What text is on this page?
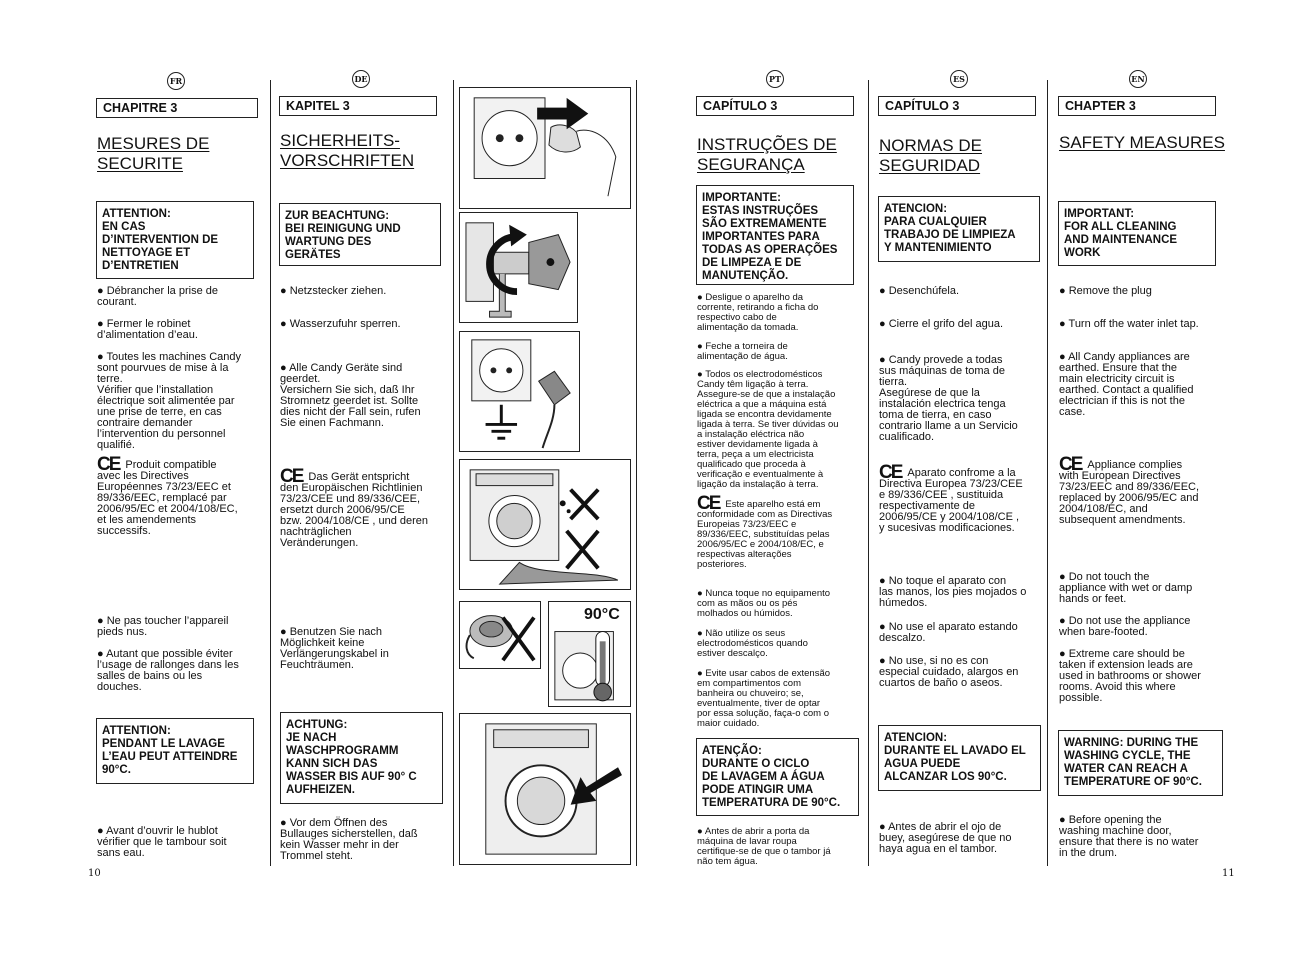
FR	DE	PT	ES	EN
CHAPITRE 3
MESURES DE
SECURITE
ATTENTION:
EN CAS
D’INTERVENTION DE
NETTOYAGE ET
D’ENTRETIEN
● Débrancher la prise de
courant.
● Fermer le robinet
d’alimentation d’eau.
● Toutes les machines Candy
sont pourvues de mise à la
terre.
Vérifier que l’installation
électrique soit alimentée par
une prise de terre, en cas
contraire demander
l’intervention du personnel
qualifié.
CE Produit compatible
avec les Directives
Européennes 73/23/EEC et
89/336/EEC, remplacé par
2006/95/EC et 2004/108/EC,
et les amendements
successifs.
● Ne pas toucher l’appareil
pieds nus.
● Autant que possible éviter
l’usage de rallonges dans les
salles de bains ou les
douches.
ATTENTION:
PENDANT LE LAVAGE
L’EAU PEUT ATTEINDRE
90°C.
● Avant d’ouvrir le hublot
vérifier que le tambour soit
sans eau.
KAPITEL 3
SICHERHEITS-
VORSCHRIFTEN
ZUR BEACHTUNG:
BEI REINIGUNG UND
WARTUNG DES
GERÄTES
● Netzstecker ziehen.
● Wasserzufuhr sperren.
● Alle Candy Geräte sind
geerdet.
Versichern Sie sich, daß Ihr
Stromnetz geerdet ist. Sollte
dies nicht der Fall sein, rufen
Sie einen Fachmann.
CE Das Gerät entspricht
den Europäischen Richtlinien
73/23/CEE und 89/336/CEE,
ersetzt durch 2006/95/CE
bzw. 2004/108/CE , und deren
nachträglichen
Veränderungen.
● Benutzen Sie nach
Möglichkeit keine
Verlängerungskabel in
Feuchträumen.
ACHTUNG:
JE NACH
WASCHPROGRAMM
KANN SICH DAS
WASSER BIS AUF 90° C
AUFHEIZEN.
● Vor dem Öffnen des
Bullauges sicherstellen, daß
kein Wasser mehr in der
Trommel steht.
90°C
CAPÍTULO 3
INSTRUÇÕES DE
SEGURANÇA
IMPORTANTE:
ESTAS INSTRUÇÕES
SÃO EXTREMAMENTE
IMPORTANTES PARA
TODAS AS OPERAÇÕES
DE LIMPEZA E DE
MANUTENÇÃO.
● Desligue o aparelho da
corrente, retirando a ficha do
respectivo cabo de
alimentação da tomada.
● Feche a torneira de
alimentação de água.
● Todos os electrodomésticos
Candy têm ligação à terra.
Assegure-se de que a instalação
eléctrica a que a máquina está
ligada se encontra devidamente
ligada à terra. Se tiver dúvidas ou
a instalação eléctrica não
estiver devidamente ligada à
terra, peça a um electricista
qualificado que proceda à
verificação e eventualmente à
ligação da instalação à terra.
CE Este aparelho está em
conformidade com as Directivas
Europeias 73/23/EEC e
89/336/EEC, substituídas pelas
2006/95/EC e 2004/108/EC, e
respectivas alterações
posteriores.
● Nunca toque no equipamento
com as mãos ou os pés
molhados ou húmidos.
● Não utilize os seus
electrodomésticos quando
estiver descalço.
● Evite usar cabos de extensão
em compartimentos com
banheira ou chuveiro; se,
eventualmente, tiver de optar
por essa solução, faça-o com o
maior cuidado.
ATENÇÃO:
DURANTE O CICLO
DE LAVAGEM A ÁGUA
PODE ATINGIR UMA
TEMPERATURA DE 90°C.
● Antes de abrir a porta da
máquina de lavar roupa
certifique-se de que o tambor já
não tem água.
CAPÍTULO 3
NORMAS DE
SEGURIDAD
ATENCION:
PARA CUALQUIER
TRABAJO DE LIMPIEZA
Y MANTENIMIENTO
● Desenchúfela.
● Cierre el grifo del agua.
● Candy provede a todas
sus máquinas de toma de
tierra.
Asegúrese de que la
instalación electrica tenga
toma de tierra, en caso
contrario llame a un Servicio
cualificado.
CE Aparato confrome a la
Directiva Europea 73/23/CEE
e 89/336/CEE , sustituida
respectivamente de
2006/95/CE y 2004/108/CE ,
y sucesivas modificaciones.
● No toque el aparato con
las manos, los pies mojados o
húmedos.
● No use el aparato estando
descalzo.
● No use, si no es con
especial cuidado, alargos en
cuartos de baño o aseos.
ATENCION:
DURANTE EL LAVADO EL
AGUA PUEDE
ALCANZAR LOS 90°C.
● Antes de abrir el ojo de
buey, asegúrese de que no
haya agua en el tambor.
CHAPTER 3
SAFETY MEASURES
IMPORTANT:
FOR ALL CLEANING
AND MAINTENANCE
WORK
● Remove the plug
● Turn off the water inlet tap.
● All Candy appliances are
earthed. Ensure that the
main electricity circuit is
earthed. Contact a qualified
electrician if this is not the
case.
CE Appliance complies
with European Directives
73/23/EEC and 89/336/EEC,
replaced by 2006/95/EC and
2004/108/EC, and
subsequent amendments.
● Do not touch the
appliance with wet or damp
hands or feet.
● Do not use the appliance
when bare-footed.
● Extreme care should be
taken if extension leads are
used in bathrooms or shower
rooms. Avoid this where
possible.
WARNING: DURING THE
WASHING CYCLE, THE
WATER CAN REACH A
TEMPERATURE OF 90°C.
● Before opening the
washing machine door,
ensure that there is no water
in the drum.
10	11
